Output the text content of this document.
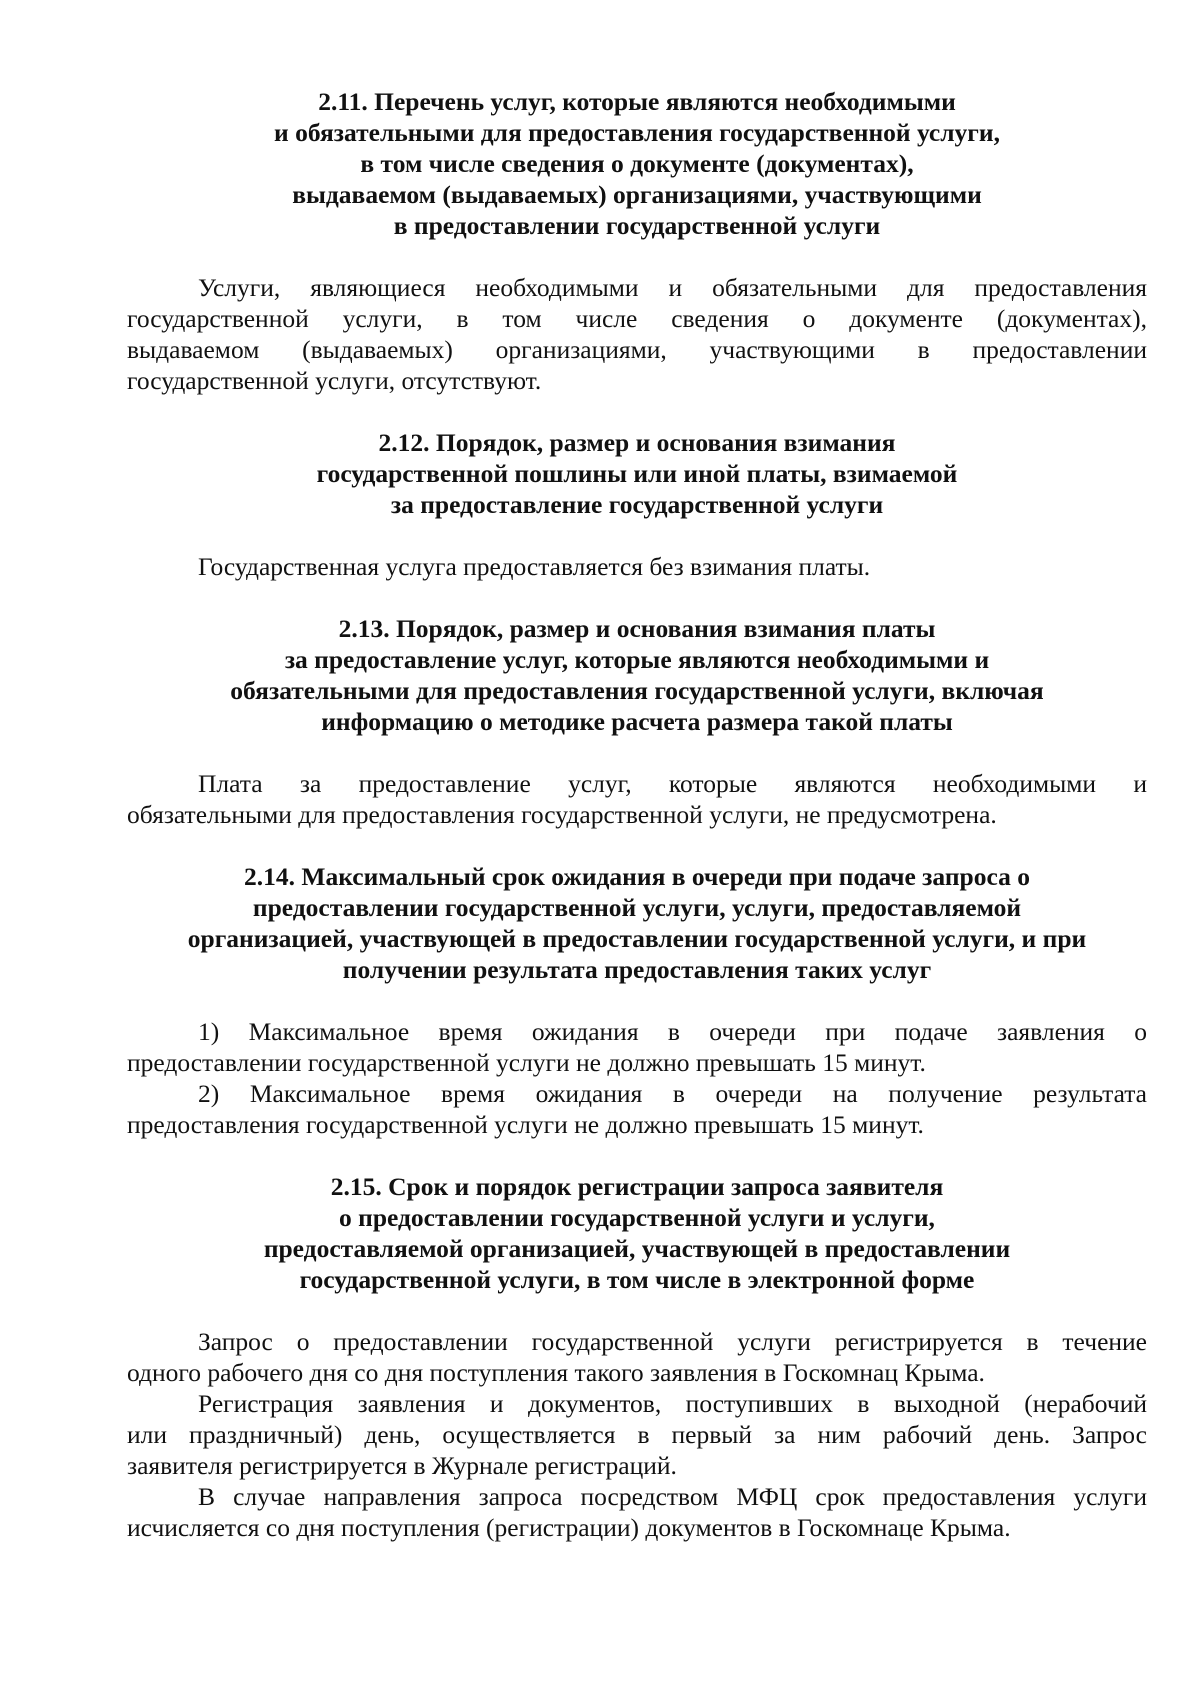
2.11. Перечень услуг, которые являются необходимыми
и обязательными для предоставления государственной услуги,
в том числе сведения о документе (документах),
выдаваемом (выдаваемых) организациями, участвующими
в предоставлении государственной услуги
Услуги, являющиеся необходимыми и обязательными для предоставления
государственной услуги, в том числе сведения о документе (документах),
выдаваемом (выдаваемых) организациями, участвующими в предоставлении
государственной услуги, отсутствуют.
2.12. Порядок, размер и основания взимания
государственной пошлины или иной платы, взимаемой
за предоставление государственной услуги
Государственная услуга предоставляется без взимания платы.
2.13. Порядок, размер и основания взимания платы
за предоставление услуг, которые являются необходимыми и
обязательными для предоставления государственной услуги, включая
информацию о методике расчета размера такой платы
Плата за предоставление услуг, которые являются необходимыми и
обязательными для предоставления государственной услуги, не предусмотрена.
2.14. Максимальный срок ожидания в очереди при подаче запроса о
предоставлении государственной услуги, услуги, предоставляемой
организацией, участвующей в предоставлении государственной услуги, и при
получении результата предоставления таких услуг
1) Максимальное время ожидания в очереди при подаче заявления о
предоставлении государственной услуги не должно превышать 15 минут.
2) Максимальное время ожидания в очереди на получение результата
предоставления государственной услуги не должно превышать 15 минут.
2.15. Срок и порядок регистрации запроса заявителя
о предоставлении государственной услуги и услуги,
предоставляемой организацией, участвующей в предоставлении
государственной услуги, в том числе в электронной форме
Запрос о предоставлении государственной услуги регистрируется в течение
одного рабочего дня со дня поступления такого заявления в Госкомнац Крыма.
Регистрация заявления и документов, поступивших в выходной (нерабочий
или праздничный) день, осуществляется в первый за ним рабочий день. Запрос
заявителя регистрируется в Журнале регистраций.
В случае направления запроса посредством МФЦ срок предоставления услуги
исчисляется со дня поступления (регистрации) документов в Госкомнаце Крыма.
